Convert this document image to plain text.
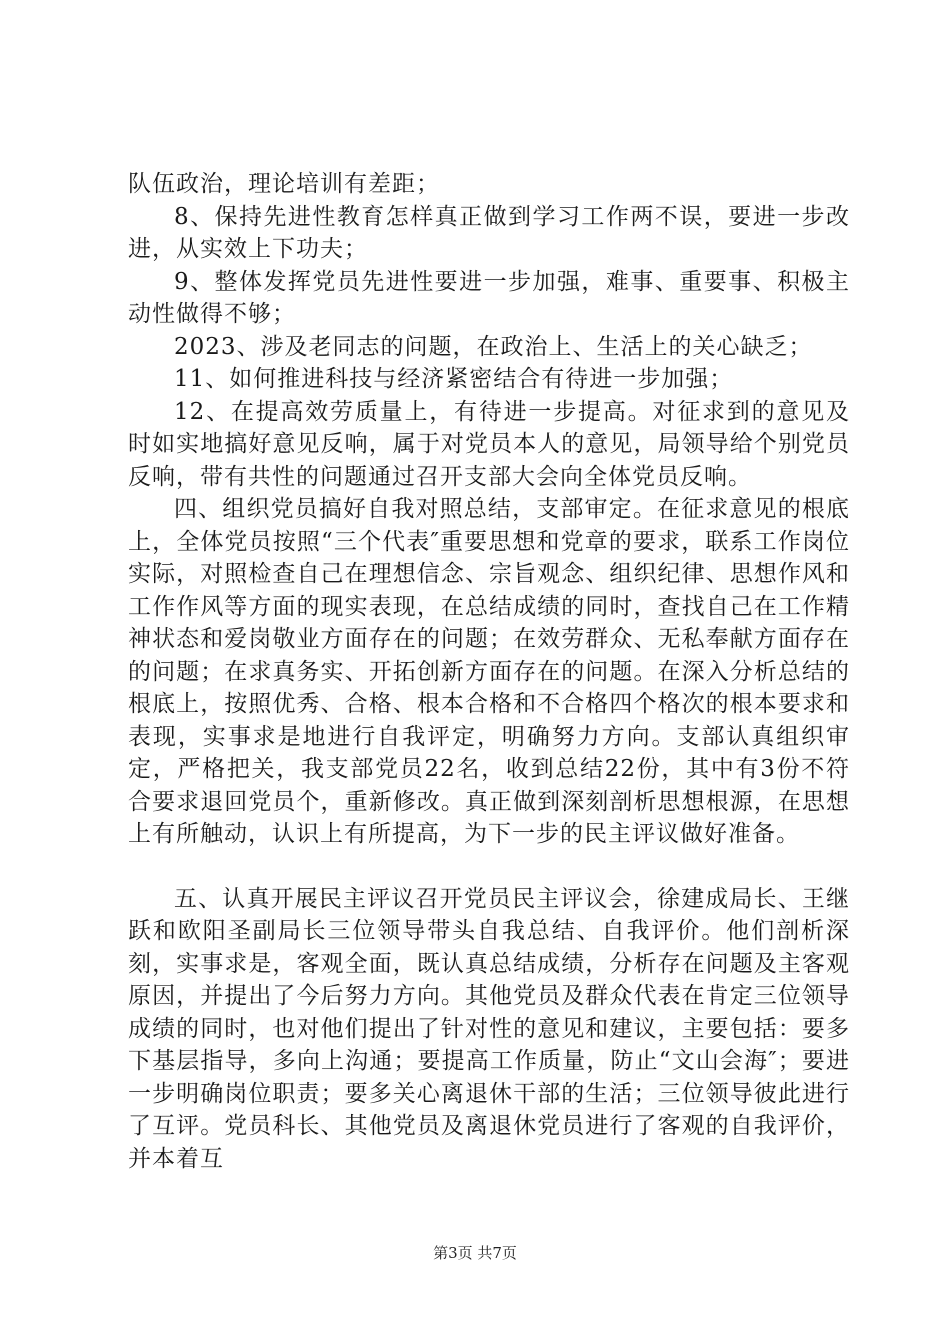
队伍政治，理论培训有差距；

8、保持先进性教育怎样真正做到学习工作两不误，要进一步改进，从实效上下功夫；

9、整体发挥党员先进性要进一步加强，难事、重要事、积极主动性做得不够；

2023、涉及老同志的问题，在政治上、生活上的关心缺乏；

11、如何推进科技与经济紧密结合有待进一步加强；

12、在提高效劳质量上，有待进一步提高。对征求到的意见及时如实地搞好意见反响，属于对党员本人的意见，局领导给个别党员反响，带有共性的问题通过召开支部大会向全体党员反响。

四、组织党员搞好自我对照总结，支部审定。在征求意见的根底上，全体党员按照“三个代表″重要思想和党章的要求，联系工作岗位实际，对照检查自己在理想信念、宗旨观念、组织纪律、思想作风和工作作风等方面的现实表现，在总结成绩的同时，查找自己在工作精神状态和爱岗敬业方面存在的问题；在效劳群众、无私奉献方面存在的问题；在求真务实、开拓创新方面存在的问题。在深入分析总结的根底上，按照优秀、合格、根本合格和不合格四个格次的根本要求和表现，实事求是地进行自我评定，明确努力方向。支部认真组织审定，严格把关，我支部党员22名，收到总结22份，其中有3份不符合要求退回党员个，重新修改。真正做到深刻剖析思想根源，在思想上有所触动，认识上有所提高，为下一步的民主评议做好准备。

五、认真开展民主评议召开党员民主评议会，徐建成局长、王继跃和欧阳圣副局长三位领导带头自我总结、自我评价。他们剖析深刻，实事求是，客观全面，既认真总结成绩，分析存在问题及主客观原因，并提出了今后努力方向。其他党员及群众代表在肯定三位领导成绩的同时，也对他们提出了针对性的意见和建议，主要包括：要多下基层指导，多向上沟通；要提高工作质量，防止“文山会海″；要进一步明确岗位职责；要多关心离退休干部的生活；三位领导彼此进行了互评。党员科长、其他党员及离退休党员进行了客观的自我评价，并本着互

第3页 共7页
